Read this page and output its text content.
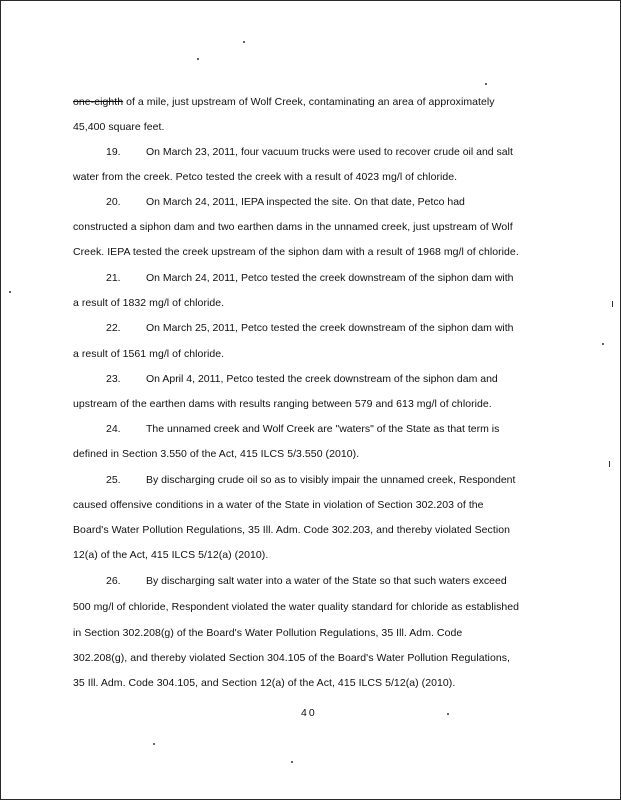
one-eighth of a mile, just upstream of Wolf Creek, contaminating an area of approximately
45,400 square feet.
19. On March 23, 2011, four vacuum trucks were used to recover crude oil and salt
water from the creek. Petco tested the creek with a result of 4023 mg/l of chloride.
20. On March 24, 2011, IEPA inspected the site. On that date, Petco had
constructed a siphon dam and two earthen dams in the unnamed creek, just upstream of Wolf
Creek. IEPA tested the creek upstream of the siphon dam with a result of 1968 mg/l of chloride.
21. On March 24, 2011, Petco tested the creek downstream of the siphon dam with
a result of 1832 mg/l of chloride.
22. On March 25, 2011, Petco tested the creek downstream of the siphon dam with
a result of 1561 mg/l of chloride.
23. On April 4, 2011, Petco tested the creek downstream of the siphon dam and
upstream of the earthen dams with results ranging between 579 and 613 mg/l of chloride.
24. The unnamed creek and Wolf Creek are "waters" of the State as that term is
defined in Section 3.550 of the Act, 415 ILCS 5/3.550 (2010).
25. By discharging crude oil so as to visibly impair the unnamed creek, Respondent
caused offensive conditions in a water of the State in violation of Section 302.203 of the
Board's Water Pollution Regulations, 35 Ill. Adm. Code 302.203, and thereby violated Section
12(a) of the Act, 415 ILCS 5/12(a) (2010).
26. By discharging salt water into a water of the State so that such waters exceed
500 mg/l of chloride, Respondent violated the water quality standard for chloride as established
in Section 302.208(g) of the Board's Water Pollution Regulations, 35 Ill. Adm. Code
302.208(g), and thereby violated Section 304.105 of the Board's Water Pollution Regulations,
35 Ill. Adm. Code 304.105, and Section 12(a) of the Act, 415 ILCS 5/12(a) (2010).
40
